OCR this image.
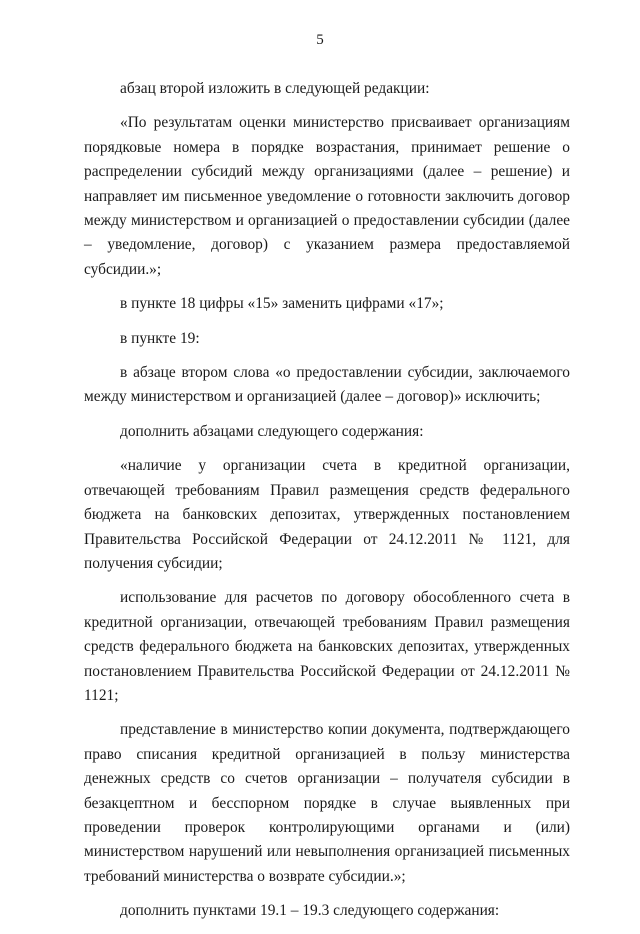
5

абзац второй изложить в следующей редакции:

«По результатам оценки министерство присваивает организациям порядковые номера в порядке возрастания, принимает решение о распределении субсидий между организациями (далее – решение) и направляет им письменное уведомление о готовности заключить договор между министерством и организацией о предоставлении субсидии (далее – уведомление, договор) с указанием размера предоставляемой субсидии.»;

в пункте 18 цифры «15» заменить цифрами «17»;

в пункте 19:

в абзаце втором слова «о предоставлении субсидии, заключаемого между министерством и организацией (далее – договор)» исключить;

дополнить абзацами следующего содержания:

«наличие у организации счета в кредитной организации, отвечающей требованиям Правил размещения средств федерального бюджета на банковских депозитах, утвержденных постановлением Правительства Российской Федерации от 24.12.2011 № 1121, для получения субсидии;

использование для расчетов по договору обособленного счета в кредитной организации, отвечающей требованиям Правил размещения средств федерального бюджета на банковских депозитах, утвержденных постановлением Правительства Российской Федерации от 24.12.2011 № 1121;

представление в министерство копии документа, подтверждающего право списания кредитной организацией в пользу министерства денежных средств со счетов организации – получателя субсидии в безакцептном и бесспорном порядке в случае выявленных при проведении проверок контролирующими органами и (или) министерством нарушений или невыполнения организацией письменных требований министерства о возврате субсидии.»;

дополнить пунктами 19.1 – 19.3 следующего содержания:
